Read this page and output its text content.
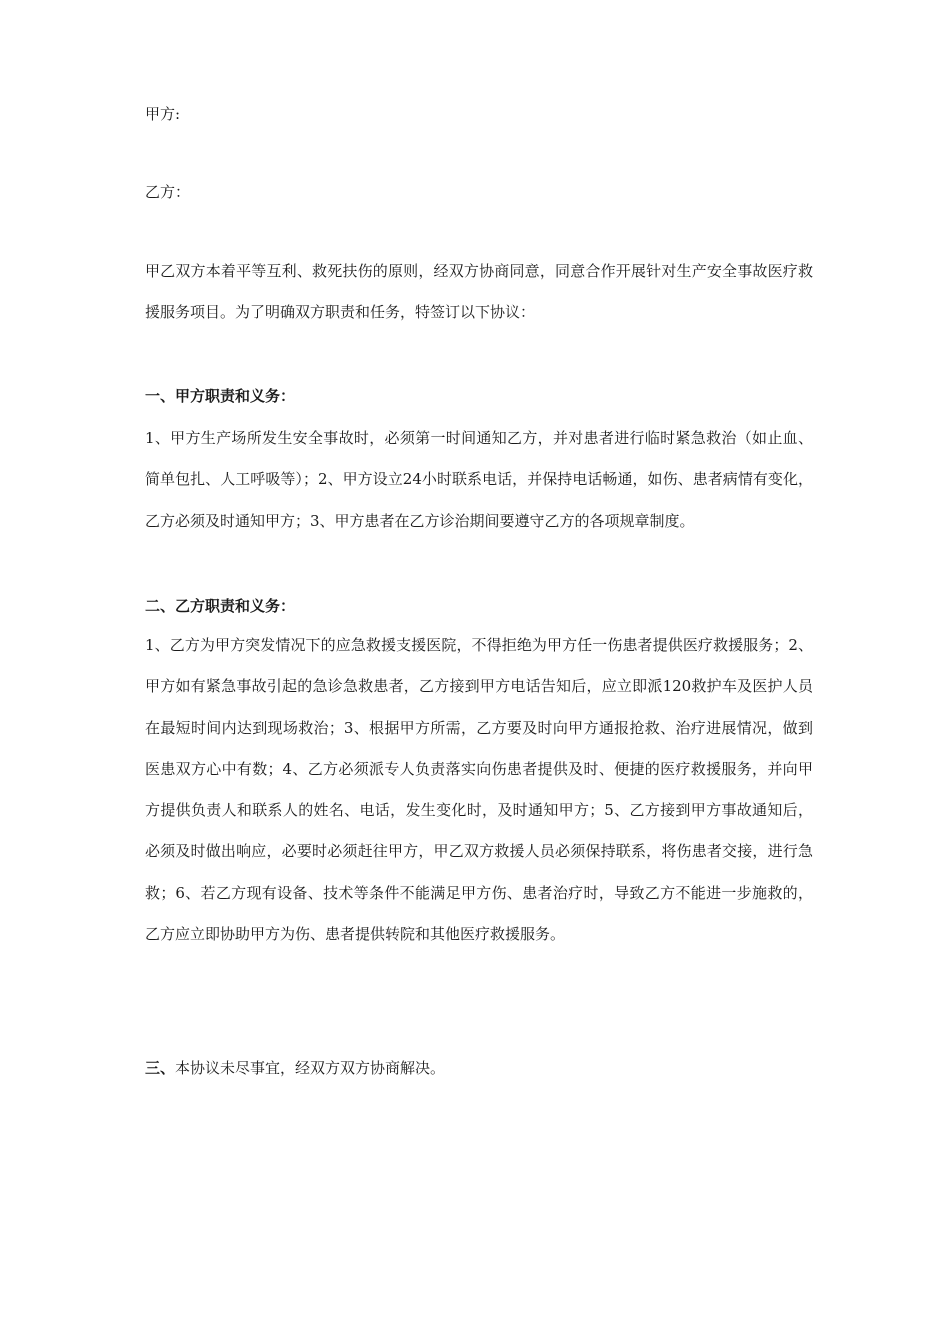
甲方:
乙方：

甲乙双方本着平等互利、救死扶伤的原则，经双方协商同意，同意合作开展针对生产安全事故医疗救援服务项目。为了明确双方职责和任务，特签订以下协议：

一、甲方职责和义务：

1、甲方生产场所发生安全事故时，必须第一时间通知乙方，并对患者进行临时紧急救治（如止血、简单包扎、人工呼吸等）；2、甲方设立24小时联系电话，并保持电话畅通，如伤、患者病情有变化，乙方必须及时通知甲方；3、甲方患者在乙方诊治期间要遵守乙方的各项规章制度。

二、乙方职责和义务：

1、乙方为甲方突发情况下的应急救援支援医院，不得拒绝为甲方任一伤患者提供医疗救援服务；2、甲方如有紧急事故引起的急诊急救患者，乙方接到甲方电话告知后，应立即派120救护车及医护人员在最短时间内达到现场救治；3、根据甲方所需，乙方要及时向甲方通报抢救、治疗进展情况，做到医患双方心中有数；4、乙方必须派专人负责落实向伤患者提供及时、便捷的医疗救援服务，并向甲方提供负责人和联系人的姓名、电话，发生变化时，及时通知甲方；5、乙方接到甲方事故通知后，必须及时做出响应，必要时必须赶往甲方，甲乙双方救援人员必须保持联系，将伤患者交接，进行急救；6、若乙方现有设备、技术等条件不能满足甲方伤、患者治疗时，导致乙方不能进一步施救的，乙方应立即协助甲方为伤、患者提供转院和其他医疗救援服务。

三、本协议未尽事宜，经双方双方协商解决。
